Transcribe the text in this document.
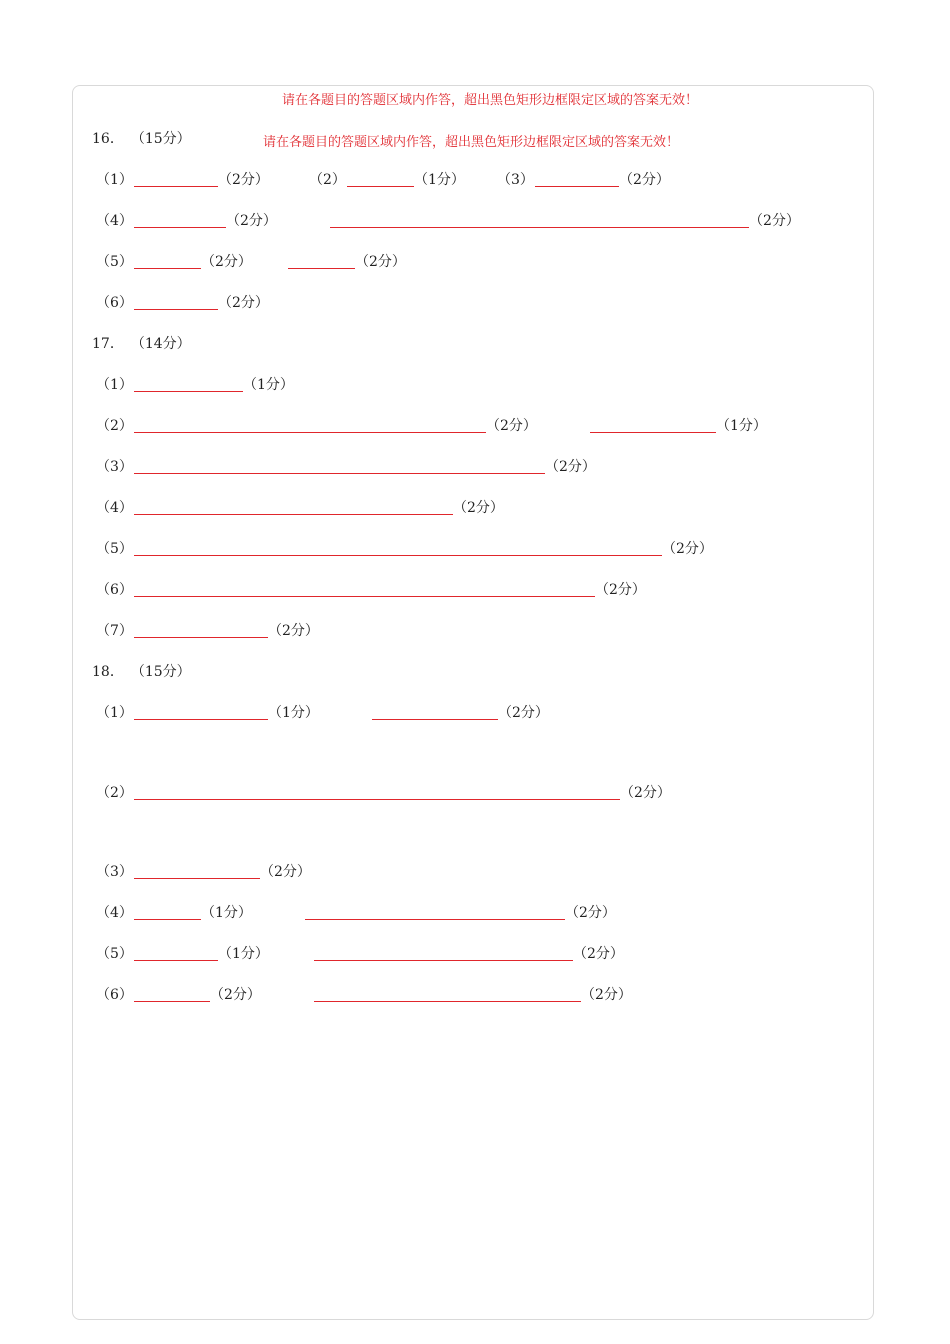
请在各题目的答题区域内作答，超出黑色矩形边框限定区域的答案无效！
16． （15分）	请在各题目的答题区域内作答，超出黑色矩形边框限定区域的答案无效！
（1）	（2分）	（2）	（1分） （3）	（2分）
（4）	（2分）	（2分）
（5）	（2分）	（2分）
（6）	（2分）
17． （14分）
（1）	（1分）
（2）	（2分）	（1分）
（3）	（2分）
（4）	（2分）
（5）	（2分）
（6）	（2分）
（7）	（2分）
18． （15分）
（1）	（1分）	（2分）
（2）	（2分）
（3）	（2分）
（4）	（1分）	（2分）
（5）	（1分）	（2分）
（6）	（2分）	（2分）
